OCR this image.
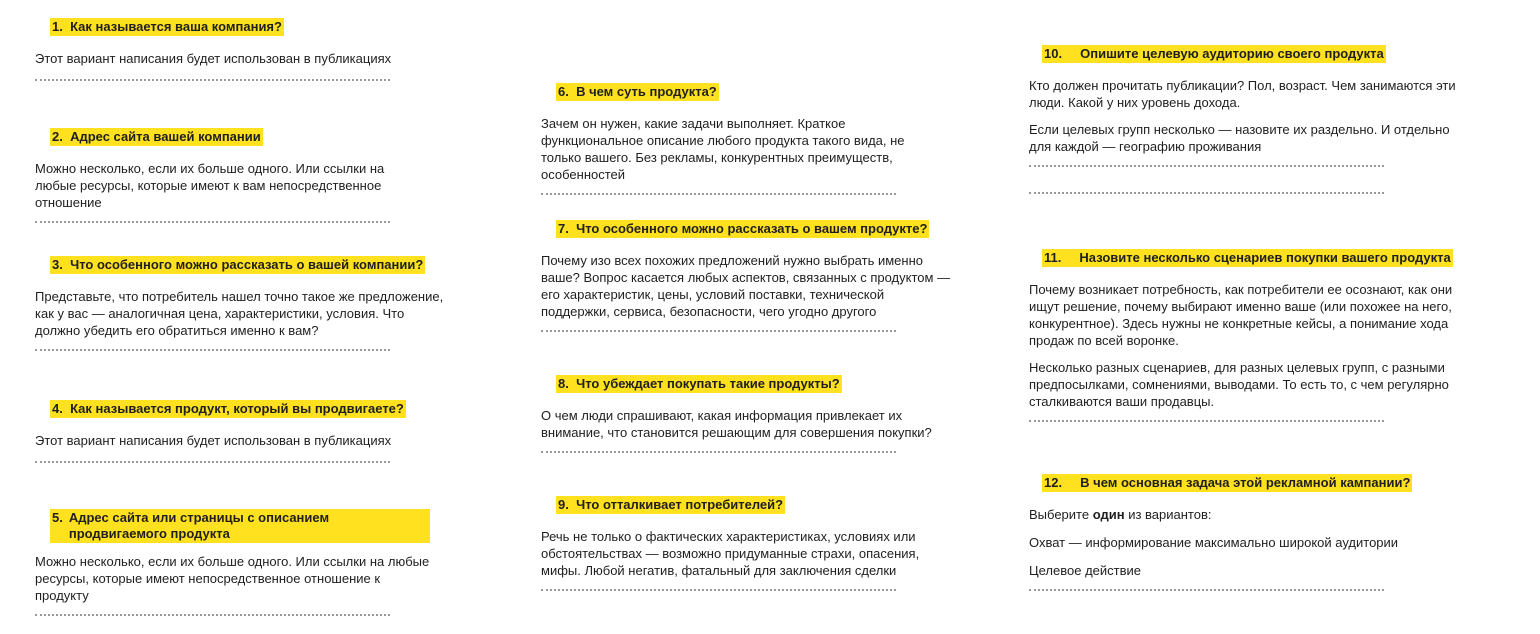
1. Как называется ваша компания?

Этот вариант написания будет использован в публикациях

2. Адрес сайта вашей компании

Можно несколько, если их больше одного. Или ссылки на любые ресурсы, которые имеют к вам непосредственное отношение

3. Что особенного можно рассказать о вашей компании?

Представьте, что потребитель нашел точно такое же предложение, как у вас — аналогичная цена, характеристики, условия. Что должно убедить его обратиться именно к вам?

4. Как называется продукт, который вы продвигаете?

Этот вариант написания будет использован в публикациях

5. Адрес сайта или страницы с описанием продвигаемого продукта

Можно несколько, если их больше одного. Или ссылки на любые ресурсы, которые имеют непосредственное отношение к продукту

6. В чем суть продукта?

Зачем он нужен, какие задачи выполняет. Краткое функциональное описание любого продукта такого вида, не только вашего. Без рекламы, конкурентных преимуществ, особенностей

7. Что особенного можно рассказать о вашем продукте?

Почему изо всех похожих предложений нужно выбрать именно ваше? Вопрос касается любых аспектов, связанных с продуктом — его характеристик, цены, условий поставки, технической поддержки, сервиса, безопасности, чего угодно другого

8. Что убеждает покупать такие продукты?

О чем люди спрашивают, какая информация привлекает их внимание, что становится решающим для совершения покупки?

9. Что отталкивает потребителей?

Речь не только о фактических характеристиках, условиях или обстоятельствах — возможно придуманные страхи, опасения, мифы. Любой негатив, фатальный для заключения сделки

10. Опишите целевую аудиторию своего продукта

Кто должен прочитать публикации? Пол, возраст. Чем занимаются эти люди. Какой у них уровень дохода.

Если целевых групп несколько — назовите их раздельно. И отдельно для каждой — географию проживания

11. Назовите несколько сценариев покупки вашего продукта

Почему возникает потребность, как потребители ее осознают, как они ищут решение, почему выбирают именно ваше (или похожее на него, конкурентное). Здесь нужны не конкретные кейсы, а понимание хода продаж по всей воронке.

Несколько разных сценариев, для разных целевых групп, с разными предпосылками, сомнениями, выводами. То есть то, с чем регулярно сталкиваются ваши продавцы.

12. В чем основная задача этой рекламной кампании?

Выберите один из вариантов:

Охват — информирование максимально широкой аудитории

Целевое действие
